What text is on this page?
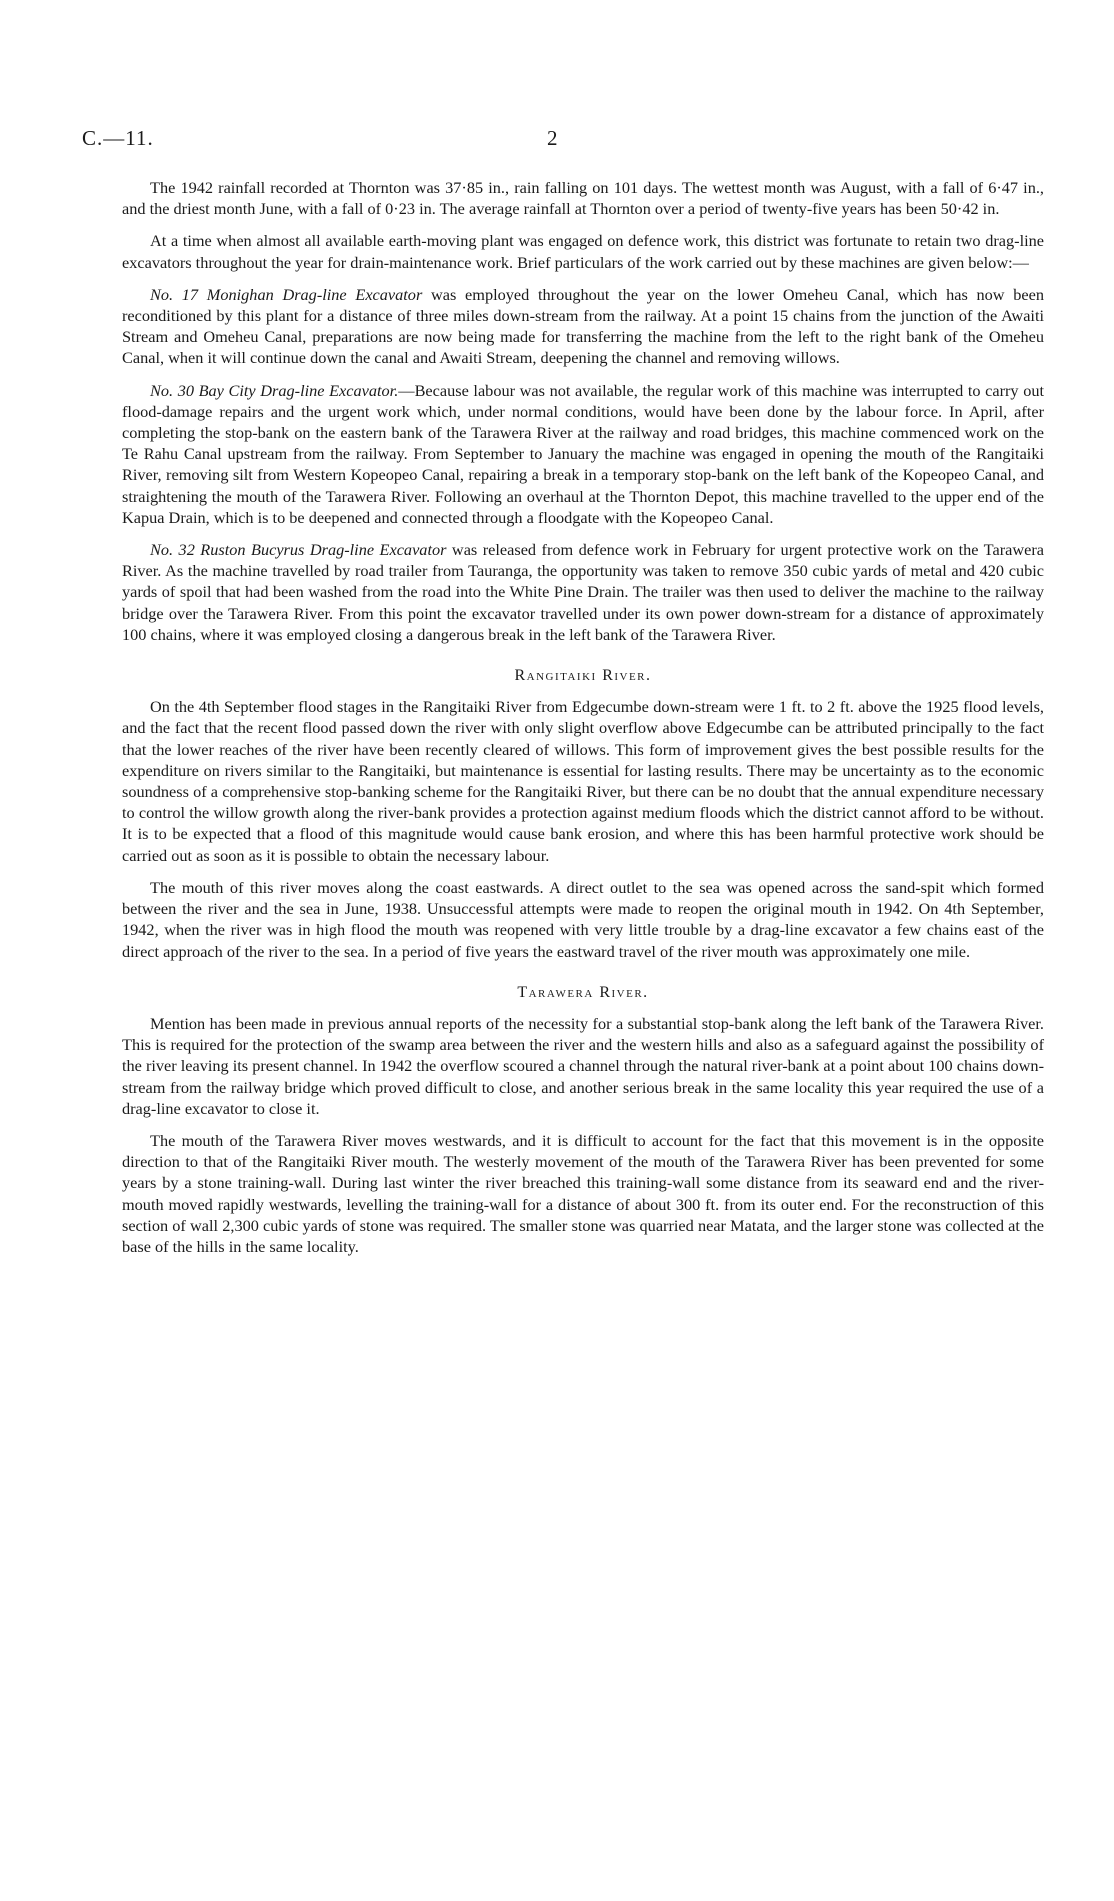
C.—11.	2

The 1942 rainfall recorded at Thornton was 37·85 in., rain falling on 101 days. The wettest month was August, with a fall of 6·47 in., and the driest month June, with a fall of 0·23 in. The average rainfall at Thornton over a period of twenty-five years has been 50·42 in.

At a time when almost all available earth-moving plant was engaged on defence work, this district was fortunate to retain two drag-line excavators throughout the year for drain-maintenance work. Brief particulars of the work carried out by these machines are given below:—

No. 17 Monighan Drag-line Excavator was employed throughout the year on the lower Omeheu Canal, which has now been reconditioned by this plant for a distance of three miles down-stream from the railway. At a point 15 chains from the junction of the Awaiti Stream and Omeheu Canal, preparations are now being made for transferring the machine from the left to the right bank of the Omeheu Canal, when it will continue down the canal and Awaiti Stream, deepening the channel and removing willows.

No. 30 Bay City Drag-line Excavator.—Because labour was not available, the regular work of this machine was interrupted to carry out flood-damage repairs and the urgent work which, under normal conditions, would have been done by the labour force. In April, after completing the stop-bank on the eastern bank of the Tarawera River at the railway and road bridges, this machine commenced work on the Te Rahu Canal upstream from the railway. From September to January the machine was engaged in opening the mouth of the Rangitaiki River, removing silt from Western Kopeopeo Canal, repairing a break in a temporary stop-bank on the left bank of the Kopeopeo Canal, and straightening the mouth of the Tarawera River. Following an overhaul at the Thornton Depot, this machine travelled to the upper end of the Kapua Drain, which is to be deepened and connected through a floodgate with the Kopeopeo Canal.

No. 32 Ruston Bucyrus Drag-line Excavator was released from defence work in February for urgent protective work on the Tarawera River. As the machine travelled by road trailer from Tauranga, the opportunity was taken to remove 350 cubic yards of metal and 420 cubic yards of spoil that had been washed from the road into the White Pine Drain. The trailer was then used to deliver the machine to the railway bridge over the Tarawera River. From this point the excavator travelled under its own power down-stream for a distance of approximately 100 chains, where it was employed closing a dangerous break in the left bank of the Tarawera River.

Rangitaiki River.

On the 4th September flood stages in the Rangitaiki River from Edgecumbe down-stream were 1 ft. to 2 ft. above the 1925 flood levels, and the fact that the recent flood passed down the river with only slight overflow above Edgecumbe can be attributed principally to the fact that the lower reaches of the river have been recently cleared of willows. This form of improvement gives the best possible results for the expenditure on rivers similar to the Rangitaiki, but maintenance is essential for lasting results. There may be uncertainty as to the economic soundness of a comprehensive stop-banking scheme for the Rangitaiki River, but there can be no doubt that the annual expenditure necessary to control the willow growth along the river-bank provides a protection against medium floods which the district cannot afford to be without. It is to be expected that a flood of this magnitude would cause bank erosion, and where this has been harmful protective work should be carried out as soon as it is possible to obtain the necessary labour.

The mouth of this river moves along the coast eastwards. A direct outlet to the sea was opened across the sand-spit which formed between the river and the sea in June, 1938. Unsuccessful attempts were made to reopen the original mouth in 1942. On 4th September, 1942, when the river was in high flood the mouth was reopened with very little trouble by a drag-line excavator a few chains east of the direct approach of the river to the sea. In a period of five years the eastward travel of the river mouth was approximately one mile.

Tarawera River.

Mention has been made in previous annual reports of the necessity for a substantial stop-bank along the left bank of the Tarawera River. This is required for the protection of the swamp area between the river and the western hills and also as a safeguard against the possibility of the river leaving its present channel. In 1942 the overflow scoured a channel through the natural river-bank at a point about 100 chains down-stream from the railway bridge which proved difficult to close, and another serious break in the same locality this year required the use of a drag-line excavator to close it.

The mouth of the Tarawera River moves westwards, and it is difficult to account for the fact that this movement is in the opposite direction to that of the Rangitaiki River mouth. The westerly movement of the mouth of the Tarawera River has been prevented for some years by a stone training-wall. During last winter the river breached this training-wall some distance from its seaward end and the river-mouth moved rapidly westwards, levelling the training-wall for a distance of about 300 ft. from its outer end. For the reconstruction of this section of wall 2,300 cubic yards of stone was required. The smaller stone was quarried near Matata, and the larger stone was collected at the base of the hills in the same locality.
